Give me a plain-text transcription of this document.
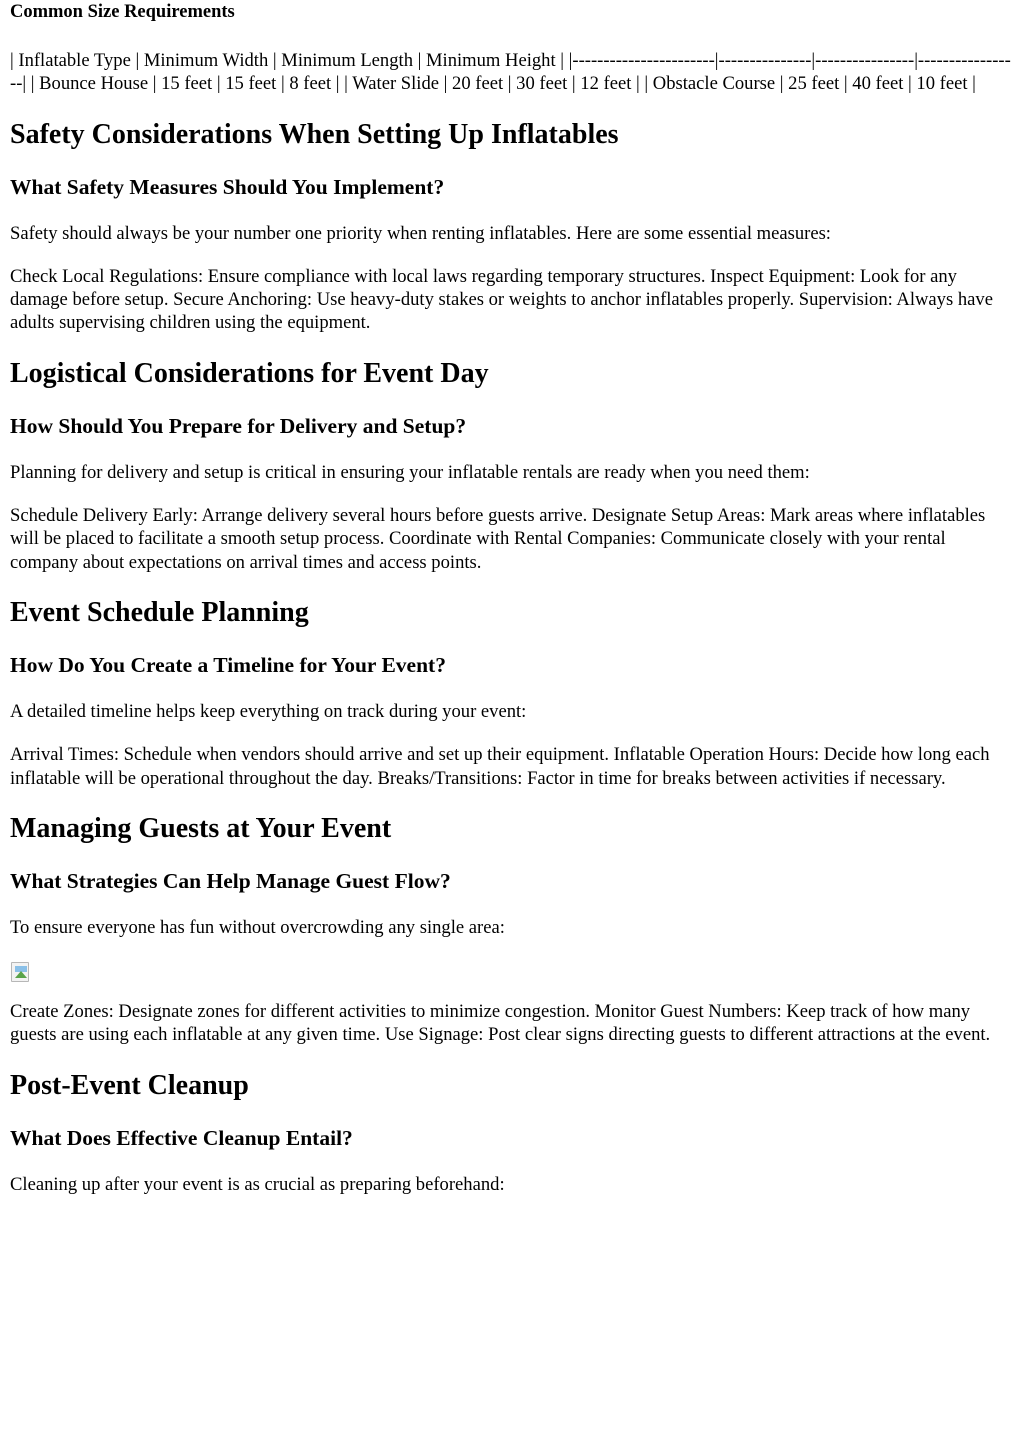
Common Size Requirements

| Inflatable Type | Minimum Width | Minimum Length | Minimum Height | |-----------------------|---------------|----------------|-----------------| | Bounce House | 15 feet | 15 feet | 8 feet | | Water Slide | 20 feet | 30 feet | 12 feet | | Obstacle Course | 25 feet | 40 feet | 10 feet |

Safety Considerations When Setting Up Inflatables
What Safety Measures Should You Implement?

Safety should always be your number one priority when renting inflatables. Here are some essential measures:

Check Local Regulations: Ensure compliance with local laws regarding temporary structures. Inspect Equipment: Look for any damage before setup. Secure Anchoring: Use heavy-duty stakes or weights to anchor inflatables properly. Supervision: Always have adults supervising children using the equipment.

Logistical Considerations for Event Day
How Should You Prepare for Delivery and Setup?

Planning for delivery and setup is critical in ensuring your inflatable rentals are ready when you need them:

Schedule Delivery Early: Arrange delivery several hours before guests arrive. Designate Setup Areas: Mark areas where inflatables will be placed to facilitate a smooth setup process. Coordinate with Rental Companies: Communicate closely with your rental company about expectations on arrival times and access points.

Event Schedule Planning
How Do You Create a Timeline for Your Event?

A detailed timeline helps keep everything on track during your event:

Arrival Times: Schedule when vendors should arrive and set up their equipment. Inflatable Operation Hours: Decide how long each inflatable will be operational throughout the day. Breaks/Transitions: Factor in time for breaks between activities if necessary.

Managing Guests at Your Event
What Strategies Can Help Manage Guest Flow?

To ensure everyone has fun without overcrowding any single area:

Create Zones: Designate zones for different activities to minimize congestion. Monitor Guest Numbers: Keep track of how many guests are using each inflatable at any given time. Use Signage: Post clear signs directing guests to different attractions at the event.

Post-Event Cleanup
What Does Effective Cleanup Entail?

Cleaning up after your event is as crucial as preparing beforehand:
